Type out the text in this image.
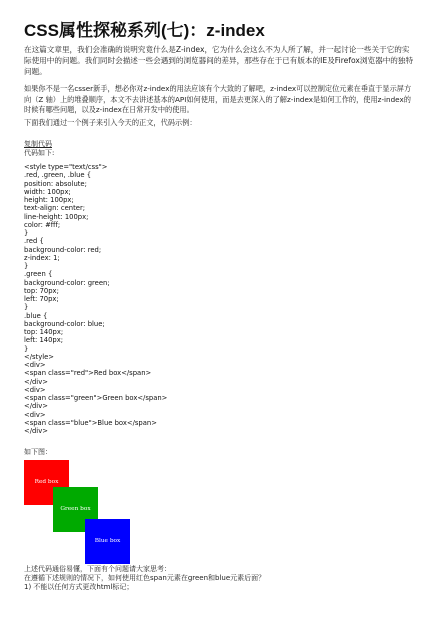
CSS属性探秘系列(七)：z-index
在这篇文章里，我们会准确的说明究竟什么是Z-index，它为什么会这么不为人所了解，并一起讨论一些关于它的实际使用中的问题。我们同时会描述一些会遇到的浏览器间的差异，那些存在于已有版本的IE及Firefox浏览器中的独特问题。
如果你不是一名csser新手，想必你对z-index的用法应该有个大致的了解吧，z-index可以控制定位元素在垂直于显示屏方向（Z 轴）上的堆叠顺序，本文不去讲述基本的API如何使用，而是去更深入的了解z-index是如何工作的，使用z-index的时候有哪些问题，以及z-index在日常开发中的使用。
下面我们通过一个例子来引入今天的正文，代码示例：
复制代码
代码如下:
<style type="text/css">
.red, .green, .blue {
position: absolute;
width: 100px;
height: 100px;
text-align: center;
line-height: 100px;
color: #fff;
}
.red {
background-color: red;
z-index: 1;
}
.green {
background-color: green;
top: 70px;
left: 70px;
}
.blue {
background-color: blue;
top: 140px;
left: 140px;
}
</style>
<div>
<span class="red">Red box</span>
</div>
<div>
<span class="green">Green box</span>
</div>
<div>
<span class="blue">Blue box</span>
</div>
如下图：
Red box
Green box
Blue box
上述代码通俗易懂，下面有个问题请大家思考：
在遵循下述规则的情况下，如何使用红色span元素在green和blue元素后面？
1) 不能以任何方式更改html标记；
